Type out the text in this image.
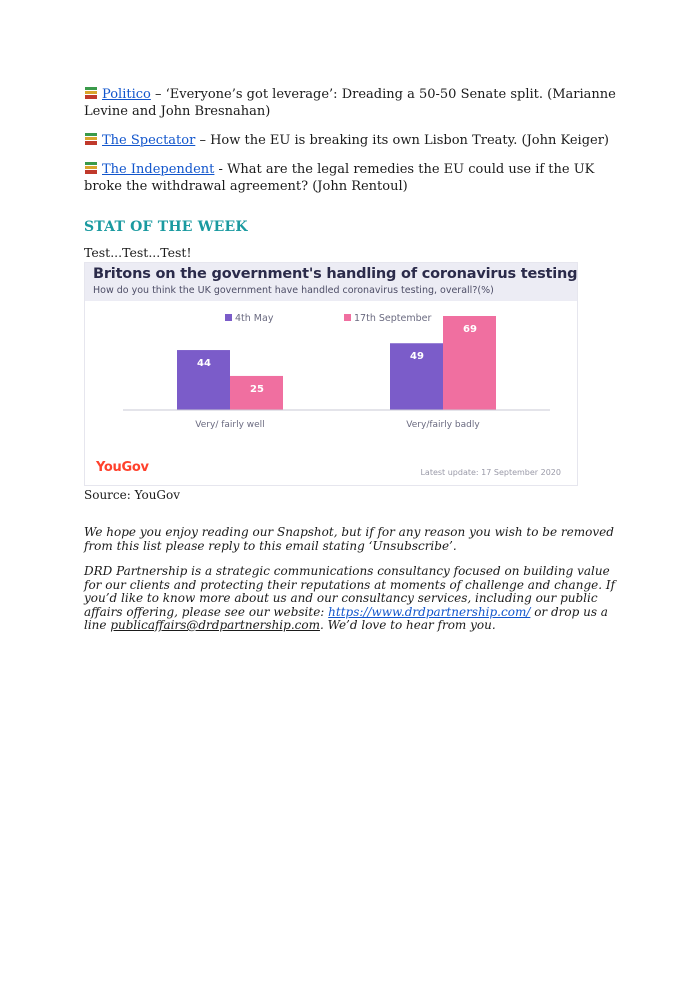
Politico – ‘Everyone’s got leverage’: Dreading a 50-50 Senate split. (Marianne Levine and John Bresnahan)

The Spectator – How the EU is breaking its own Lisbon Treaty. (John Keiger)

The Independent - What are the legal remedies the EU could use if the UK broke the withdrawal agreement? (John Rentoul)

STAT OF THE WEEK

Test...Test...Test!

Britons on the government's handling of coronavirus testing
How do you think the UK government have handled coronavirus testing, overall?(%)
4th May	17th September
44
25
Very/ fairly well
49
69
Very/fairly badly
YouGov	Latest update: 17 September 2020

Source: YouGov

We hope you enjoy reading our Snapshot, but if for any reason you wish to be removed from this list please reply to this email stating ‘Unsubscribe’.

DRD Partnership is a strategic communications consultancy focused on building value for our clients and protecting their reputations at moments of challenge and change. If you’d like to know more about us and our consultancy services, including our public affairs offering, please see our website: https://www.drdpartnership.com/ or drop us a line publicaffairs@drdpartnership.com. We’d love to hear from you.
